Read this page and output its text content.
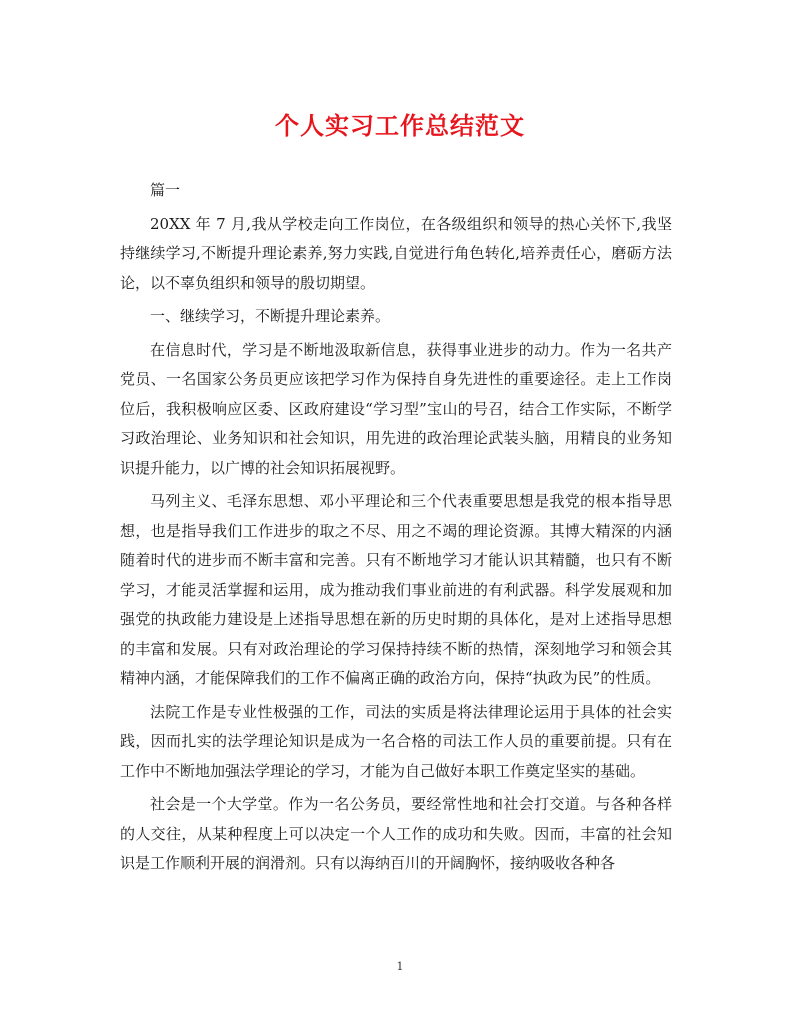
个人实习工作总结范文

篇一

20XX 年 7 月,我从学校走向工作岗位，在各级组织和领导的热心关怀下,我坚持继续学习,不断提升理论素养,努力实践,自觉进行角色转化,培养责任心，磨砺方法论，以不辜负组织和领导的殷切期望。

一、继续学习，不断提升理论素养。

在信息时代，学习是不断地汲取新信息，获得事业进步的动力。作为一名共产党员、一名国家公务员更应该把学习作为保持自身先进性的重要途径。走上工作岗位后，我积极响应区委、区政府建设“学习型”宝山的号召，结合工作实际，不断学习政治理论、业务知识和社会知识，用先进的政治理论武装头脑，用精良的业务知识提升能力，以广博的社会知识拓展视野。

马列主义、毛泽东思想、邓小平理论和三个代表重要思想是我党的根本指导思想，也是指导我们工作进步的取之不尽、用之不竭的理论资源。其博大精深的内涵随着时代的进步而不断丰富和完善。只有不断地学习才能认识其精髓，也只有不断学习，才能灵活掌握和运用，成为推动我们事业前进的有利武器。科学发展观和加强党的执政能力建设是上述指导思想在新的历史时期的具体化，是对上述指导思想的丰富和发展。只有对政治理论的学习保持持续不断的热情，深刻地学习和领会其精神内涵，才能保障我们的工作不偏离正确的政治方向，保持“执政为民”的性质。

法院工作是专业性极强的工作，司法的实质是将法律理论运用于具体的社会实践，因而扎实的法学理论知识是成为一名合格的司法工作人员的重要前提。只有在工作中不断地加强法学理论的学习，才能为自己做好本职工作奠定坚实的基础。

社会是一个大学堂。作为一名公务员，要经常性地和社会打交道。与各种各样的人交往，从某种程度上可以决定一个人工作的成功和失败。因而，丰富的社会知识是工作顺利开展的润滑剂。只有以海纳百川的开阔胸怀，接纳吸收各种各

1
